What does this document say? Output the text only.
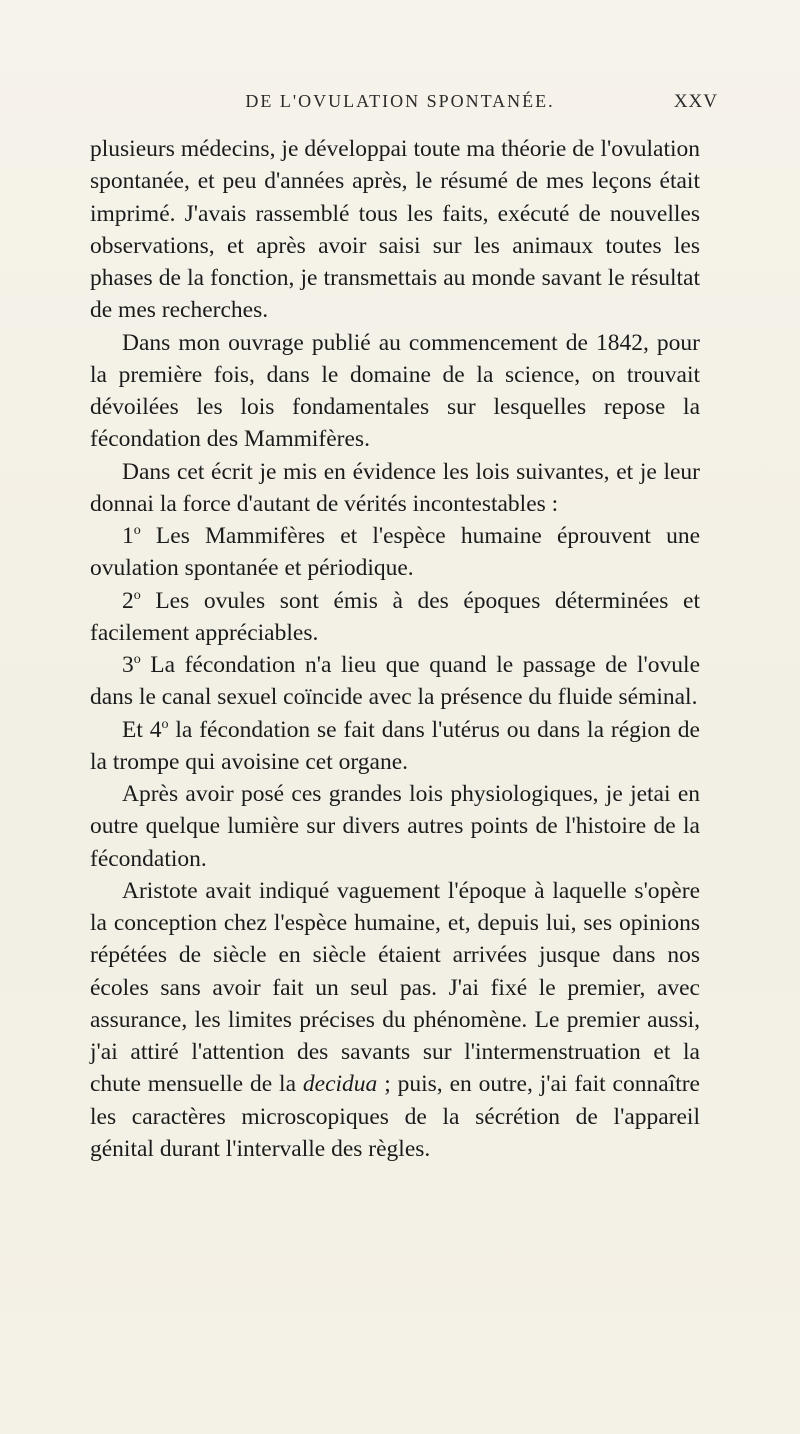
DE L'OVULATION SPONTANÉE.	XXV

plusieurs médecins, je développai toute ma théorie de l'ovulation spontanée, et peu d'années après, le résumé de mes leçons était imprimé. J'avais rassemblé tous les faits, exécuté de nouvelles observations, et après avoir saisi sur les animaux toutes les phases de la fonction, je transmettais au monde savant le résultat de mes recherches.

Dans mon ouvrage publié au commencement de 1842, pour la première fois, dans le domaine de la science, on trouvait dévoilées les lois fondamentales sur lesquelles repose la fécondation des Mammifères.

Dans cet écrit je mis en évidence les lois suivantes, et je leur donnai la force d'autant de vérités incontestables :

1$^o$ Les Mammifères et l'espèce humaine éprouvent une ovulation spontanée et périodique.

2$^o$ Les ovules sont émis à des époques déterminées et facilement appréciables.

3$^o$ La fécondation n'a lieu que quand le passage de l'ovule dans le canal sexuel coïncide avec la présence du fluide séminal.

Et 4$^o$ la fécondation se fait dans l'utérus ou dans la région de la trompe qui avoisine cet organe.

Après avoir posé ces grandes lois physiologiques, je jetai en outre quelque lumière sur divers autres points de l'histoire de la fécondation.

Aristote avait indiqué vaguement l'époque à laquelle s'opère la conception chez l'espèce humaine, et, depuis lui, ses opinions répétées de siècle en siècle étaient arrivées jusque dans nos écoles sans avoir fait un seul pas. J'ai fixé le premier, avec assurance, les limites précises du phénomène. Le premier aussi, j'ai attiré l'attention des savants sur l'intermenstruation et la chute mensuelle de la decidua ; puis, en outre, j'ai fait connaître les caractères microscopiques de la sécrétion de l'appareil génital durant l'intervalle des règles.
